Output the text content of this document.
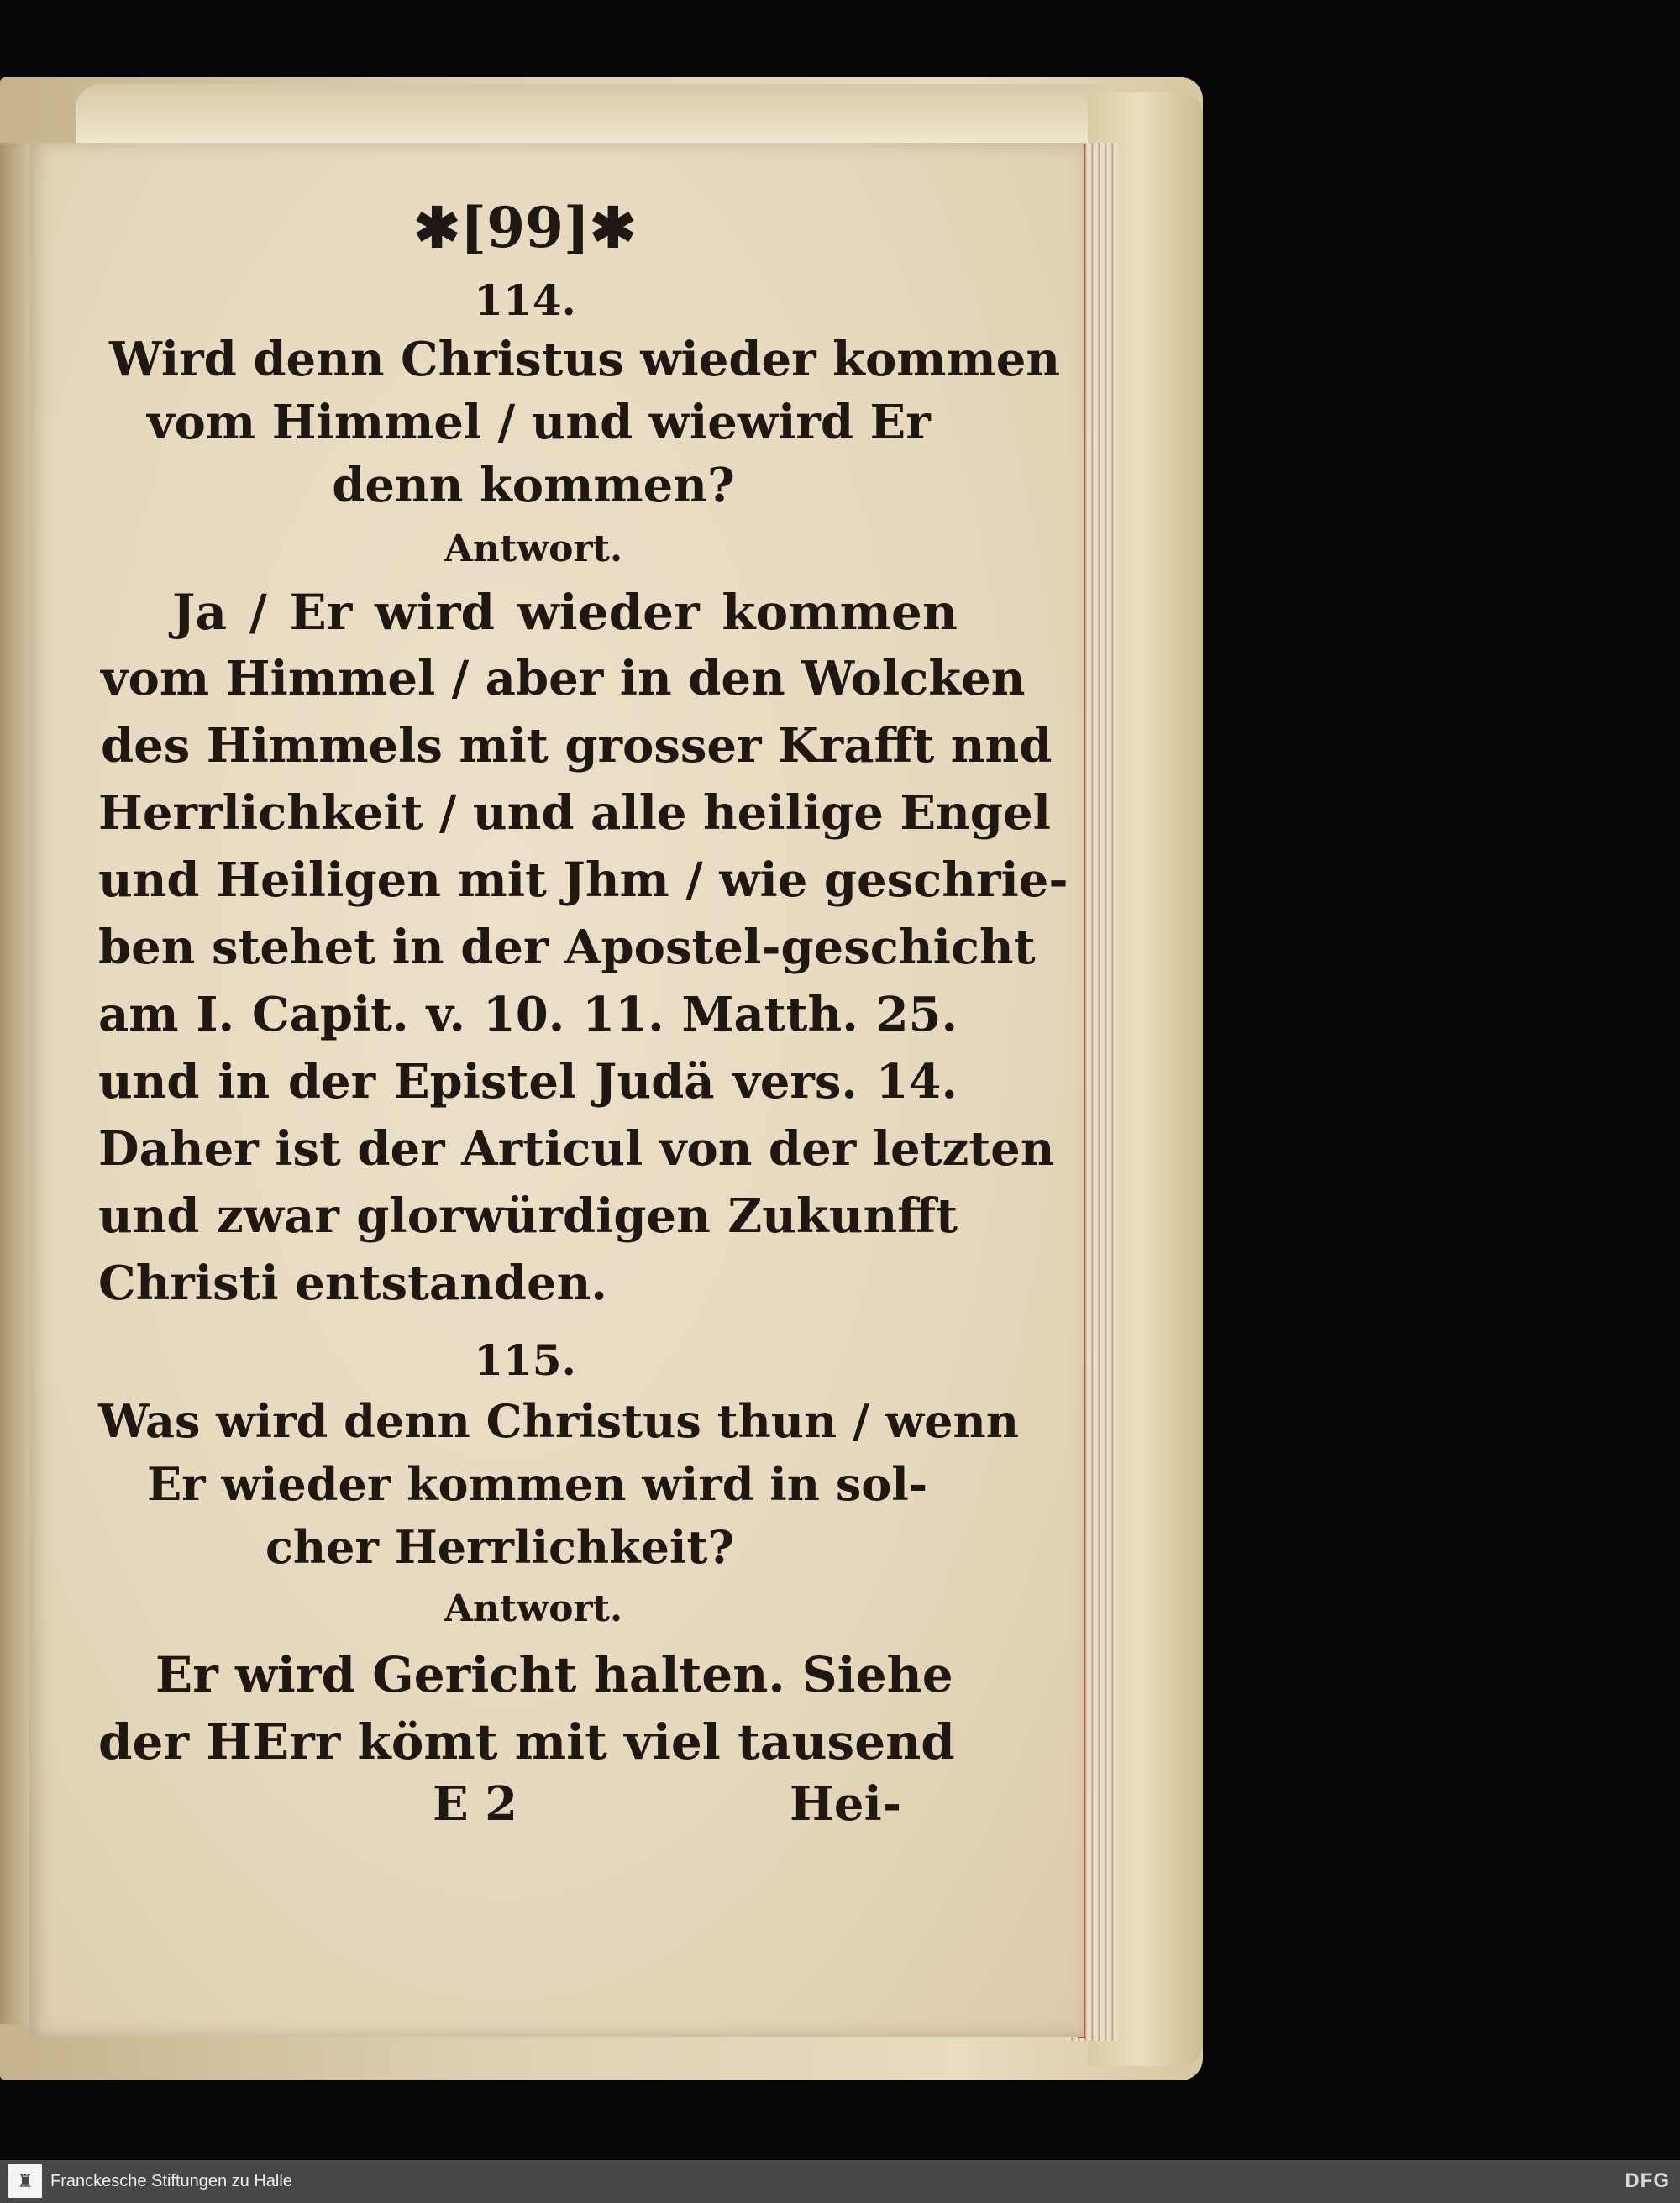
✱[99]✱
114.
Wird denn Christus wieder kommen
vom Himmel / und wiewird Er
denn kommen?
Antwort.
Ja / Er wird wieder kommen
vom Himmel / aber in den Wolcken
des Himmels mit grosser Krafft nnd
Herrlichkeit / und alle heilige Engel
und Heiligen mit Jhm / wie geschrie-
ben stehet in der Apostel-geschicht
am I. Capit. v. 10. 11. Matth. 25.
und in der Epistel Judä vers. 14.
Daher ist der Articul von der letzten
und zwar glorwürdigen Zukunfft
Christi entstanden.
115.
Was wird denn Christus thun / wenn
Er wieder kommen wird in sol-
cher Herrlichkeit?
Antwort.
Er wird Gericht halten. Siehe
der HErr kömt mit viel tausend
E 2	Hei-
♜ Franckesche Stiftungen zu Halle	DFG
